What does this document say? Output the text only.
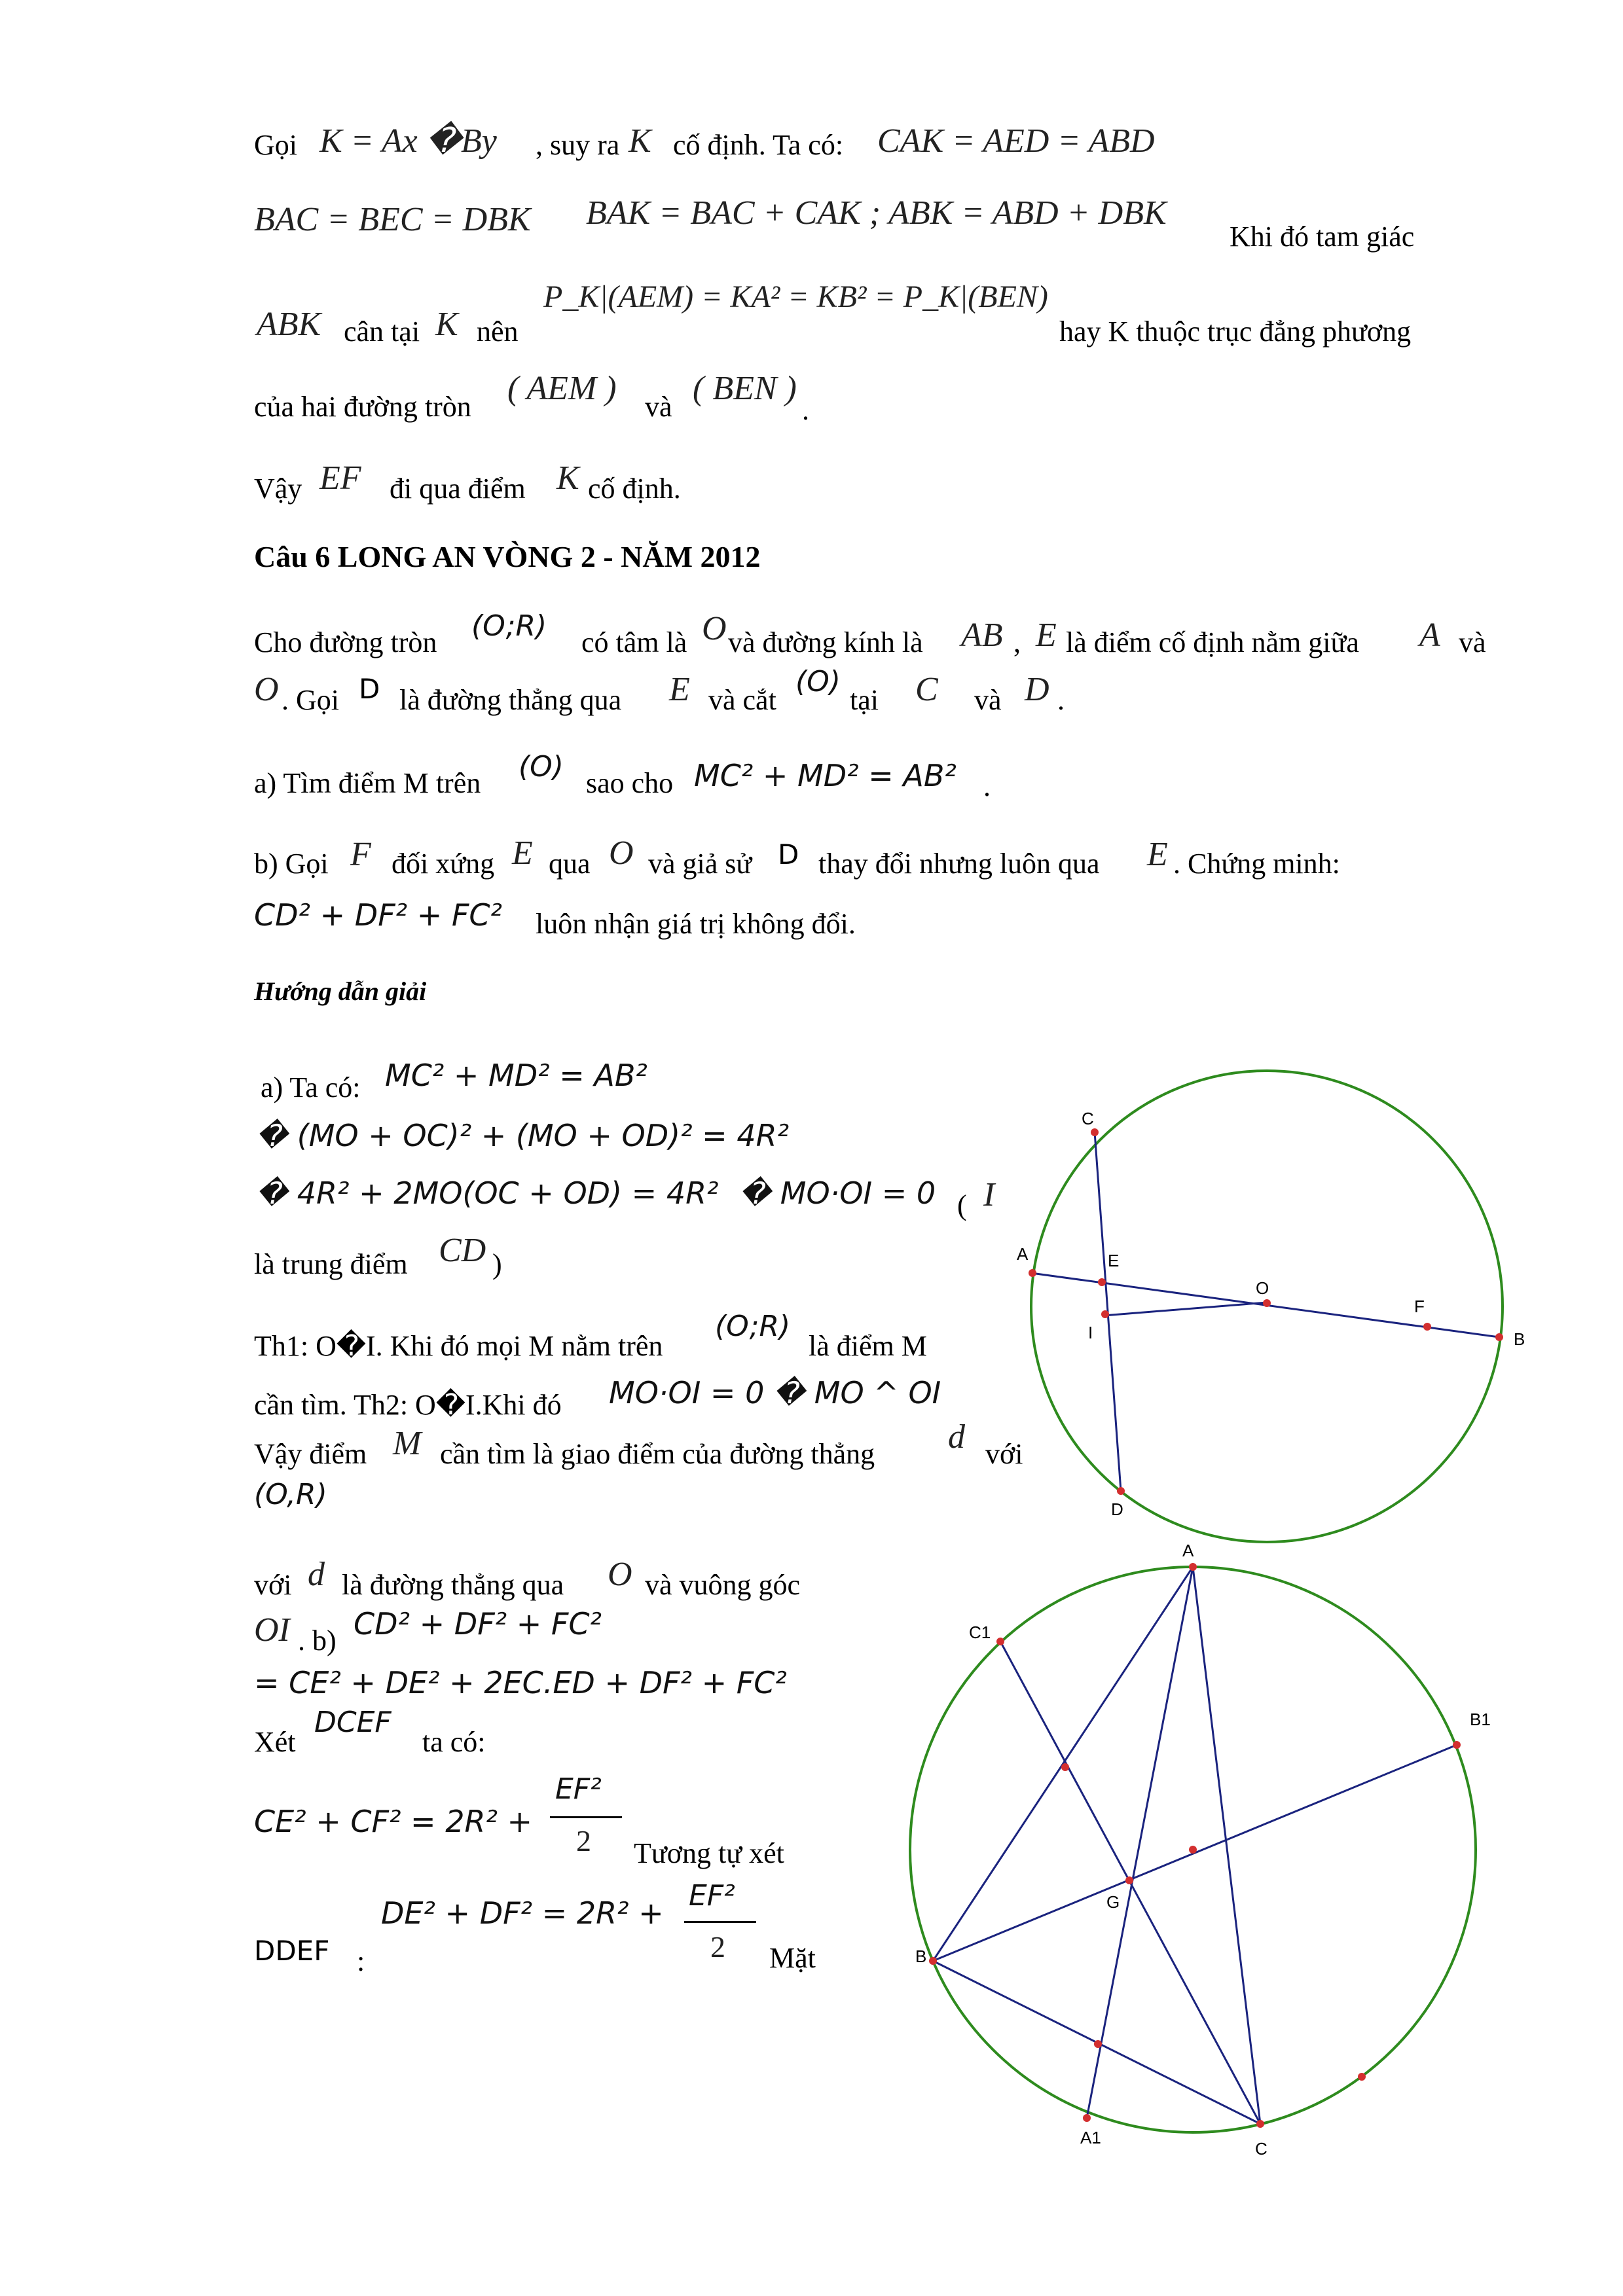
Gọi K = Ax �By , suy ra K cố định. Ta có: CAK = AED = ABD
BAC = BEC = DBK BAK = BAC + CAK ; ABK = ABD + DBK
Khi đó tam giác
ABK cân tại K nên
P_K|(AEM) = KA² = KB² = P_K|(BEN)
hay K thuộc trục đẳng phương
của hai đường tròn ( AEM ) và ( BEN )
.
Vậy EF đi qua điểm K cố định.
Câu 6 LONG AN VÒNG 2 - NĂM 2012
Cho đường tròn (O;R) có tâm là O và đường kính là AB , E là điểm cố định nằm giữa A và
O . Gọi D là đường thẳng qua E và cắt
(O)
tại C và D .
a) Tìm điểm M trên (O) sao cho MC² + MD² = AB² .
b) Gọi F đối xứng E qua O và giả sử D thay đổi nhưng luôn qua E . Chứng minh:
CD² + DF² + FC² luôn nhận giá trị không đổi.
Hướng dẫn giải
a) Ta có: MC² + MD² = AB²
� (MO + OC)² + (MO + OD)² = 4R²
� 4R² + 2MO(OC + OD) = 4R² � MO·OI = 0 ( I
là trung điểm CD )
Th1: O�I. Khi đó mọi M nằm trên
(O;R)
là điểm M
cần tìm. Th2: O�I.Khi đó MO·OI = 0 � MO ^ OI
Vậy điểm M cần tìm là giao điểm của đường thẳng d với
(O,R)
với d là đường thẳng qua O và vuông góc
OI . b) CD² + DF² + FC²
= CE² + DE² + 2EC.ED + DF² + FC²
Xét
DCEF
ta có:
CE² + CF² = 2R² +
EF²
2 Tương tự xét
DDEF :
DE² + DF² = 2R² + EF²
2 Mặt
C
A	E
O
F
I	B
D
A
C1
B1
G
B
A1
C
